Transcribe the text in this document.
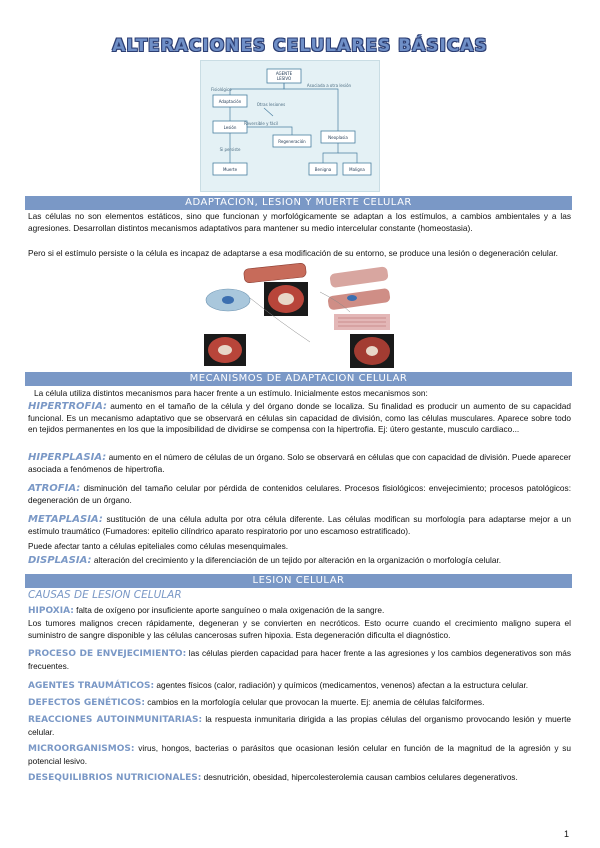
ALTERACIONES CELULARES BÁSICAS
AGENTE
LESIVO
Adaptación
Lesión
Muerte
Regeneración
Neoplasia
Benigna	Maligna
Fisiológico
Otras lesiones
Asociada a otra lesión
Reversible y fácil
Si persiste
ADAPTACION, LESION Y MUERTE CELULAR
Las células no son elementos estáticos, sino que funcionan y morfológicamente se adaptan a los estímulos, a cambios ambientales y a las agresiones. Desarrollan distintos mecanismos adaptativos para mantener su medio intercelular constante (homeostasia).
Pero si el estímulo persiste o la célula es incapaz de adaptarse a esa modificación de su entorno, se produce una lesión o degeneración celular.
MECANISMOS DE ADAPTACION CELULAR
La célula utiliza distintos mecanismos para hacer frente a un estímulo. Inicialmente estos mecanismos son:
HIPERTROFIA: aumento en el tamaño de la célula y del órgano donde se localiza. Su finalidad es producir un aumento de su capacidad funcional. Es un mecanismo adaptativo que se observará en células sin capacidad de división, como las células musculares. Aparece sobre todo en tejidos permanentes en los que la imposibilidad de dividirse se compensa con la hipertrofia. Ej: útero gestante, musculo cardiaco...
HIPERPLASIA: aumento en el número de células de un órgano. Solo se observará en células que con capacidad de división. Puede aparecer asociada a fenómenos de hipertrofia.
ATROFIA: disminución del tamaño celular por pérdida de contenidos celulares. Procesos fisiológicos: envejecimiento; procesos patológicos: degeneración de un órgano.
METAPLASIA: sustitución de una célula adulta por otra célula diferente. Las células modifican su morfología para adaptarse mejor a un estímulo traumático (Fumadores: epitelio cilíndrico aparato respiratorio por uno escamoso estratificado).
Puede afectar tanto a células epiteliales como células mesenquimales.
DISPLASIA: alteración del crecimiento y la diferenciación de un tejido por alteración en la organización o morfología celular.
LESION CELULAR
CAUSAS DE LESION CELULAR
HIPOXIA: falta de oxígeno por insuficiente aporte sanguíneo o mala oxigenación de la sangre.
Los tumores malignos crecen rápidamente, degeneran y se convierten en necróticos. Esto ocurre cuando el crecimiento maligno supera el suministro de sangre disponible y las células cancerosas sufren hipoxia. Esta degeneración dificulta el diagnóstico.
PROCESO DE ENVEJECIMIENTO: las células pierden capacidad para hacer frente a las agresiones y los cambios degenerativos son más frecuentes.
AGENTES TRAUMÁTICOS: agentes físicos (calor, radiación) y químicos (medicamentos, venenos) afectan a la estructura celular.
DEFECTOS GENÉTICOS: cambios en la morfología celular que provocan la muerte. Ej: anemia de células falciformes.
REACCIONES AUTOINMUNITARIAS: la respuesta inmunitaria dirigida a las propias células del organismo provocando lesión y muerte celular.
MICROORGANISMOS: virus, hongos, bacterias o parásitos que ocasionan lesión celular en función de la magnitud de la agresión y su potencial lesivo.
DESEQUILIBRIOS NUTRICIONALES: desnutrición, obesidad, hipercolesterolemia causan cambios celulares degenerativos.
1
